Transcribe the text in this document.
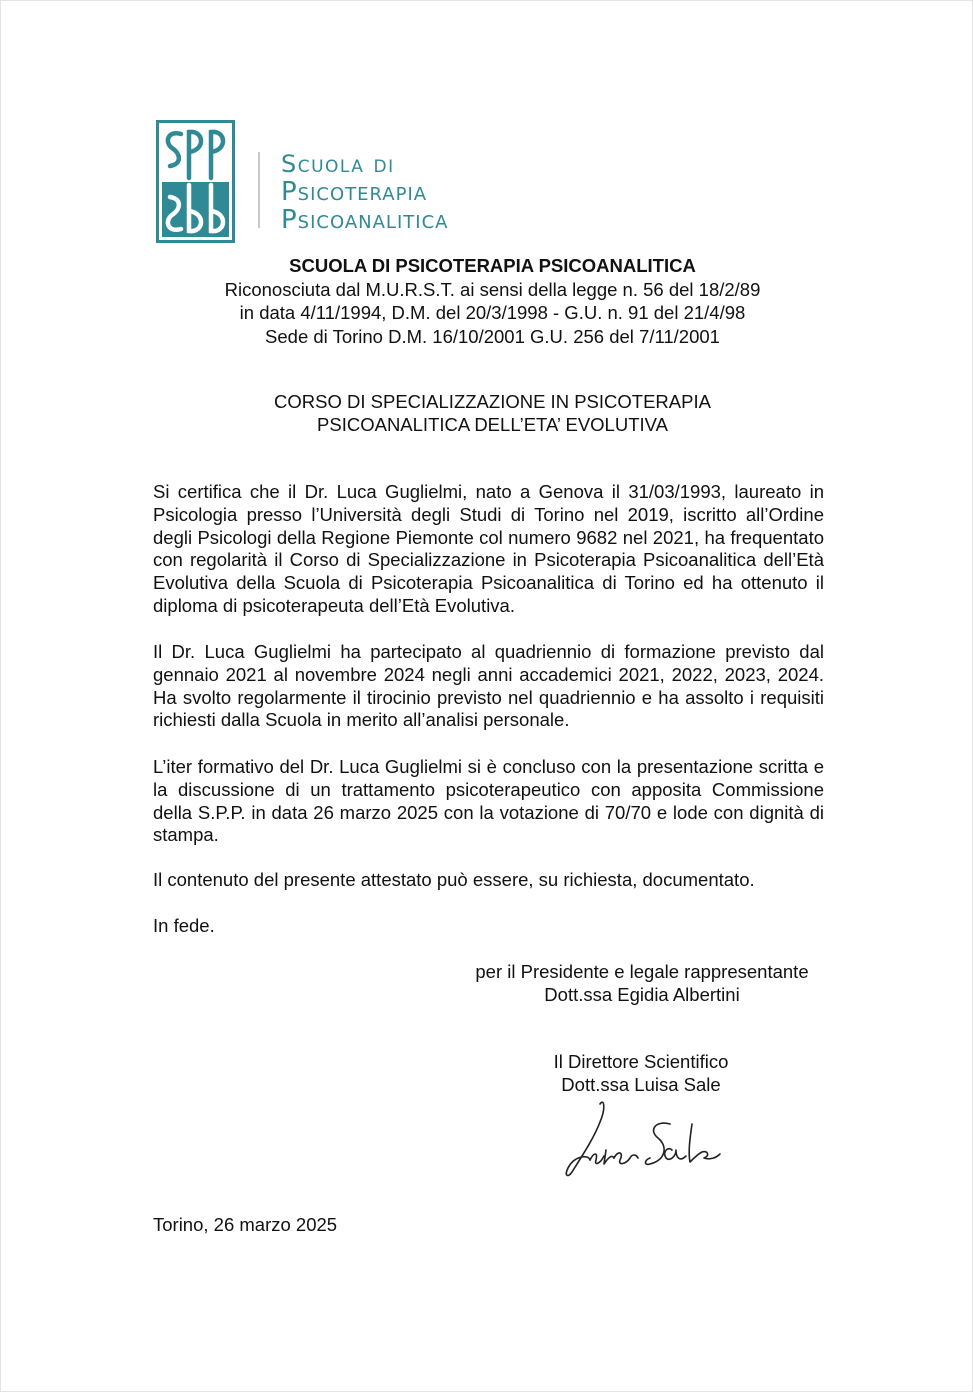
Scuola di
Psicoterapia
Psicoanalitica
SCUOLA DI PSICOTERAPIA PSICOANALITICA
Riconosciuta dal M.U.R.S.T. ai sensi della legge n. 56 del 18/2/89
in data 4/11/1994, D.M. del 20/3/1998 - G.U. n. 91 del 21/4/98
Sede di Torino D.M. 16/10/2001 G.U. 256 del 7/11/2001
CORSO DI SPECIALIZZAZIONE IN PSICOTERAPIA
PSICOANALITICA DELL’ETA’ EVOLUTIVA
Si certifica che il Dr. Luca Guglielmi, nato a Genova il 31/03/1993, laureato in Psicologia presso l’Università degli Studi di Torino nel 2019, iscritto all’Ordine degli Psicologi della Regione Piemonte col numero 9682 nel 2021, ha frequentato con regolarità il Corso di Specializzazione in Psicoterapia Psicoanalitica dell’Età Evolutiva della Scuola di Psicoterapia Psicoanalitica di Torino ed ha ottenuto il diploma di psicoterapeuta dell’Età Evolutiva.
Il Dr. Luca Guglielmi ha partecipato al quadriennio di formazione previsto dal gennaio 2021 al novembre 2024 negli anni accademici 2021, 2022, 2023, 2024. Ha svolto regolarmente il tirocinio previsto nel quadriennio e ha assolto i requisiti richiesti dalla Scuola in merito all’analisi personale.
L’iter formativo del Dr. Luca Guglielmi si è concluso con la presentazione scritta e la discussione di un trattamento psicoterapeutico con apposita Commissione della S.P.P. in data 26 marzo 2025 con la votazione di 70/70 e lode con dignità di stampa.
Il contenuto del presente attestato può essere, su richiesta, documentato.
In fede.
per il Presidente e legale rappresentante
Dott.ssa Egidia Albertini
Il Direttore Scientifico
Dott.ssa Luisa Sale
Torino, 26 marzo 2025
